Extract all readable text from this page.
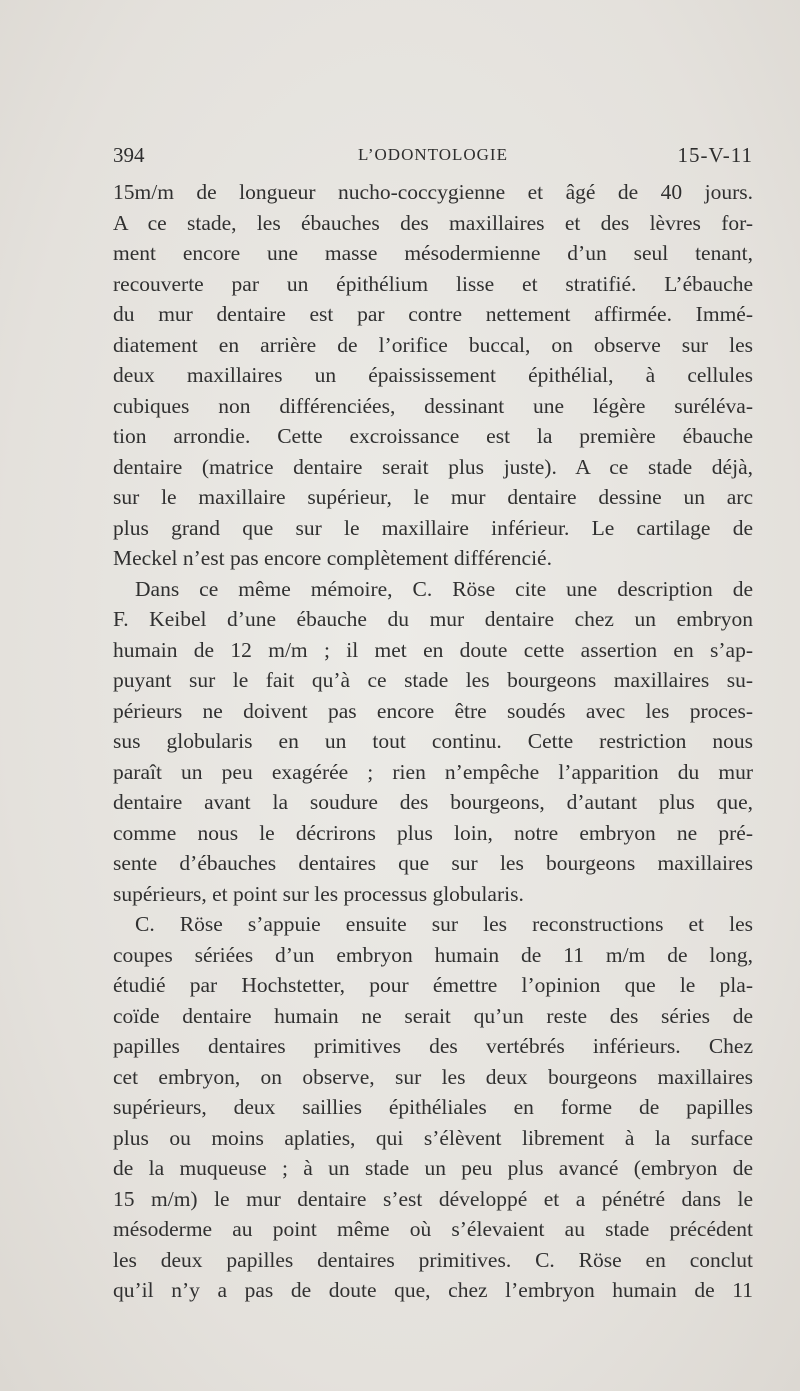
394	L’ODONTOLOGIE	15-V-11
15m/m de longueur nucho-coccygienne et âgé de 40 jours.
A ce stade, les ébauches des maxillaires et des lèvres for-
ment encore une masse mésodermienne d’un seul tenant,
recouverte par un épithélium lisse et stratifié. L’ébauche
du mur dentaire est par contre nettement affirmée. Immé-
diatement en arrière de l’orifice buccal, on observe sur les
deux maxillaires un épaississement épithélial, à cellules
cubiques non différenciées, dessinant une légère suréléva-
tion arrondie. Cette excroissance est la première ébauche
dentaire (matrice dentaire serait plus juste). A ce stade déjà,
sur le maxillaire supérieur, le mur dentaire dessine un arc
plus grand que sur le maxillaire inférieur. Le cartilage de
Meckel n’est pas encore complètement différencié.
Dans ce même mémoire, C. Röse cite une description de
F. Keibel d’une ébauche du mur dentaire chez un embryon
humain de 12 m/m ; il met en doute cette assertion en s’ap-
puyant sur le fait qu’à ce stade les bourgeons maxillaires su-
périeurs ne doivent pas encore être soudés avec les proces-
sus globularis en un tout continu. Cette restriction nous
paraît un peu exagérée ; rien n’empêche l’apparition du mur
dentaire avant la soudure des bourgeons, d’autant plus que,
comme nous le décrirons plus loin, notre embryon ne pré-
sente d’ébauches dentaires que sur les bourgeons maxillaires
supérieurs, et point sur les processus globularis.
C. Röse s’appuie ensuite sur les reconstructions et les
coupes sériées d’un embryon humain de 11 m/m de long,
étudié par Hochstetter, pour émettre l’opinion que le pla-
coïde dentaire humain ne serait qu’un reste des séries de
papilles dentaires primitives des vertébrés inférieurs. Chez
cet embryon, on observe, sur les deux bourgeons maxillaires
supérieurs, deux saillies épithéliales en forme de papilles
plus ou moins aplaties, qui s’élèvent librement à la surface
de la muqueuse ; à un stade un peu plus avancé (embryon de
15 m/m) le mur dentaire s’est développé et a pénétré dans le
mésoderme au point même où s’élevaient au stade précédent
les deux papilles dentaires primitives. C. Röse en conclut
qu’il n’y a pas de doute que, chez l’embryon humain de 11
